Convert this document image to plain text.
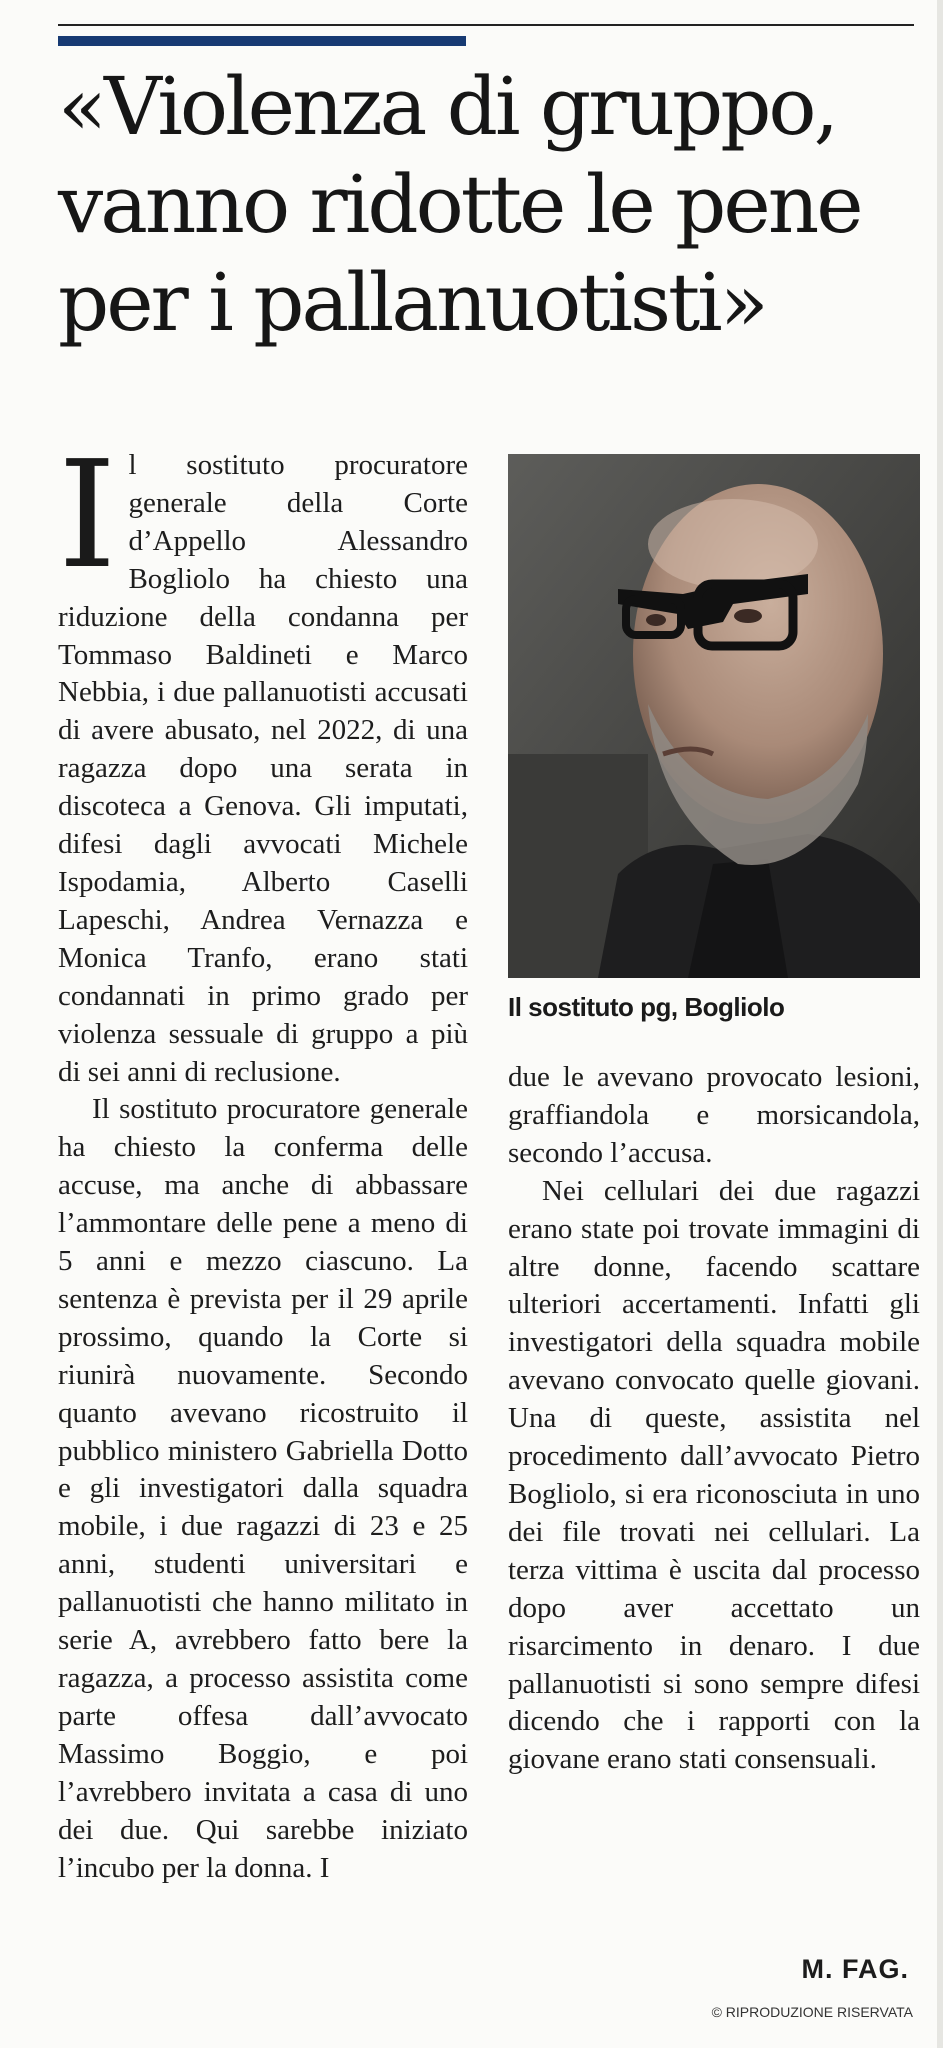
«Violenza di gruppo,
vanno ridotte le pene
per i pallanuotisti»

Il sostituto procuratore generale della Corte d’Appello Alessandro Bogliolo ha chiesto una riduzione della condanna per Tommaso Baldineti e Marco Nebbia, i due pallanuotisti accusati di avere abusato, nel 2022, di una ragazza dopo una serata in discoteca a Genova. Gli imputati, difesi dagli avvocati Michele Ispodamia, Alberto Caselli Lapeschi, Andrea Vernazza e Monica Tranfo, erano stati condannati in primo grado per violenza sessuale di gruppo a più di sei anni di reclusione.

Il sostituto procuratore generale ha chiesto la conferma delle accuse, ma anche di abbassare l’ammontare delle pene a meno di 5 anni e mezzo ciascuno. La sentenza è prevista per il 29 aprile prossimo, quando la Corte si riunirà nuovamente. Secondo quanto avevano ricostruito il pubblico ministero Gabriella Dotto e gli investigatori dalla squadra mobile, i due ragazzi di 23 e 25 anni, studenti universitari e pallanuotisti che hanno militato in serie A, avrebbero fatto bere la ragazza, a processo assistita come parte offesa dall’avvocato Massimo Boggio, e poi l’avrebbero invitata a casa di uno dei due. Qui sarebbe iniziato l’incubo per la donna. I

Il sostituto pg, Bogliolo

due le avevano provocato lesioni, graffiandola e morsicandola, secondo l’accusa.

Nei cellulari dei due ragazzi erano state poi trovate immagini di altre donne, facendo scattare ulteriori accertamenti. Infatti gli investigatori della squadra mobile avevano convocato quelle giovani. Una di queste, assistita nel procedimento dall’avvocato Pietro Bogliolo, si era riconosciuta in uno dei file trovati nei cellulari. La terza vittima è uscita dal processo dopo aver accettato un risarcimento in denaro. I due pallanuotisti si sono sempre difesi dicendo che i rapporti con la giovane erano stati consensuali.

M. FAG.
© RIPRODUZIONE RISERVATA
